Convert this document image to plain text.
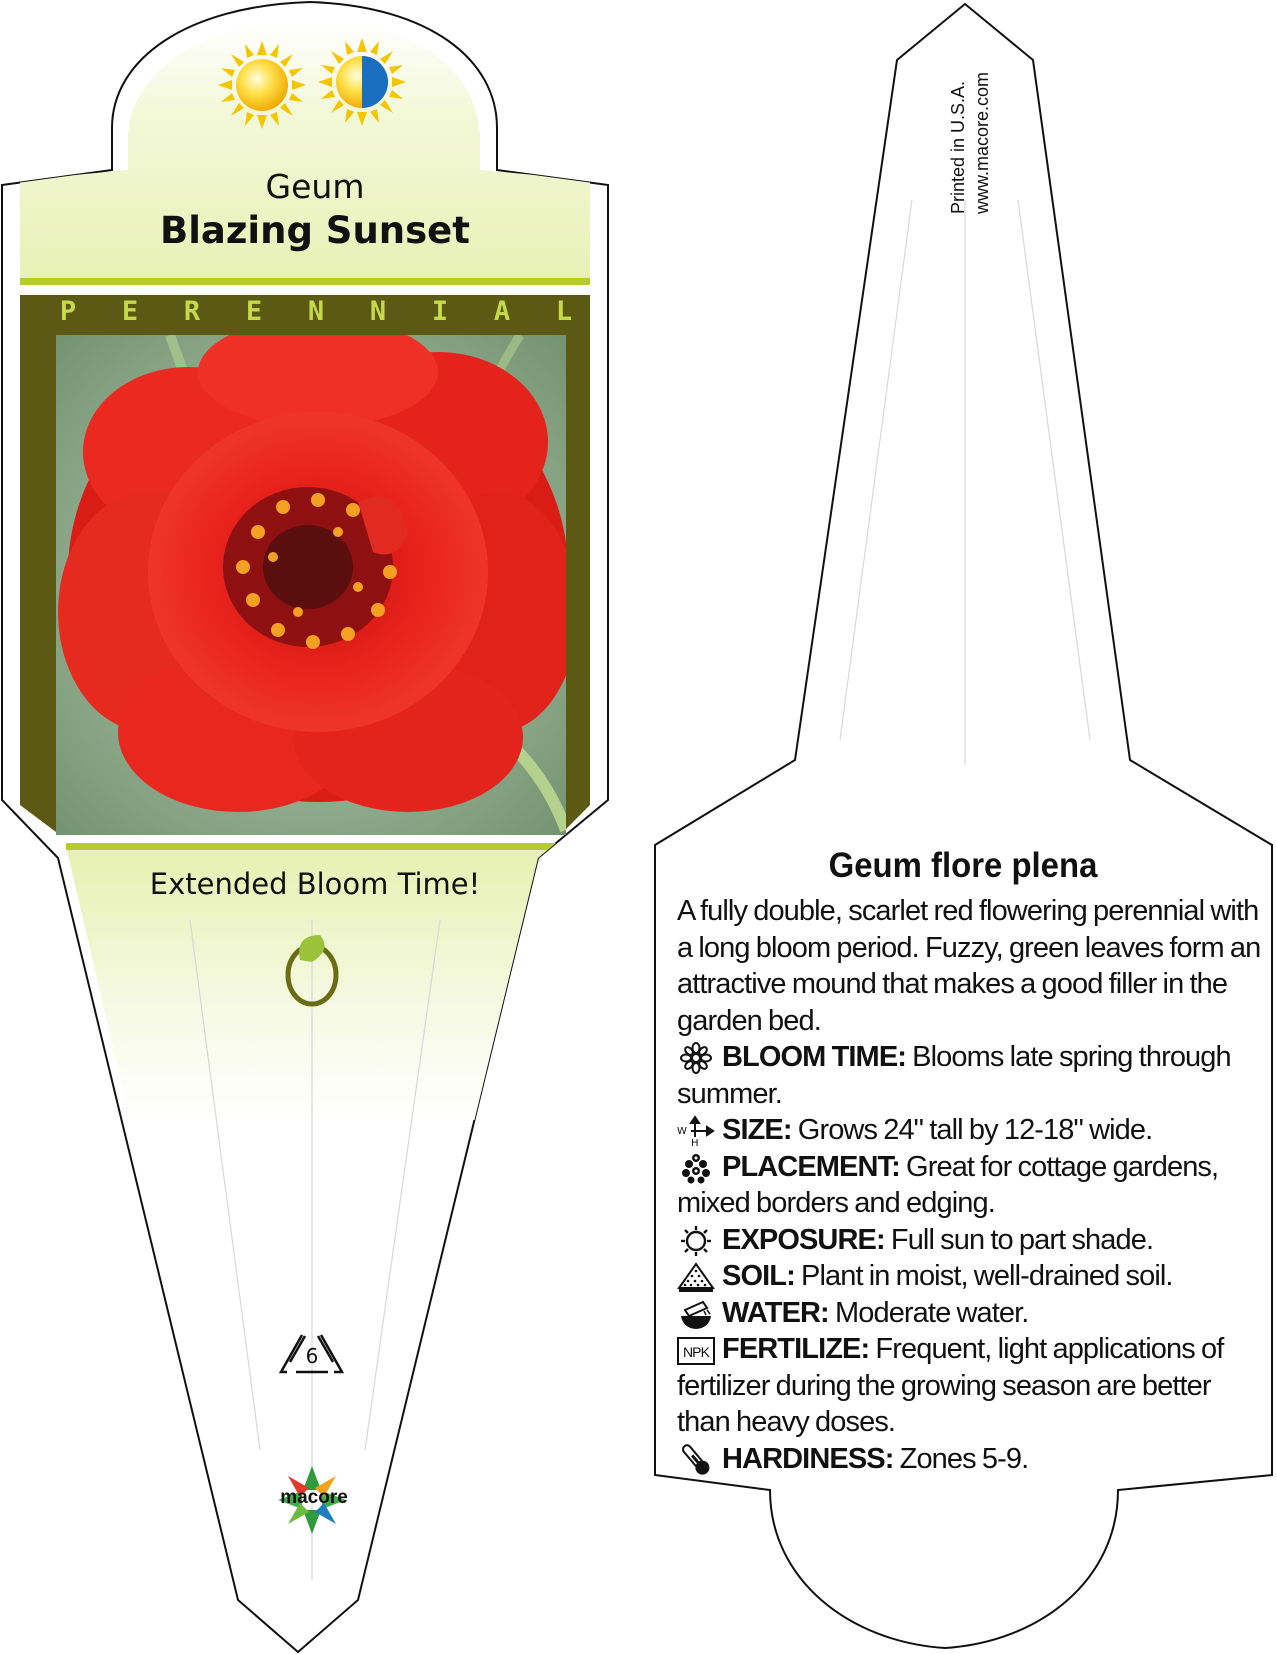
Geum
Blazing Sunset
P E R E N N I A L
Extended Bloom Time!
6
macore
Printed in U.S.A. www.macore.com
Geum flore plena

A fully double, scarlet red flowering perennial with a long bloom period. Fuzzy, green leaves form an attractive mound that makes a good filler in the garden bed.

BLOOM TIME: Blooms late spring through summer.

W
H SIZE: Grows 24" tall by 12-18" wide.

PLACEMENT: Great for cottage gardens, mixed borders and edging.

EXPOSURE: Full sun to part shade.

SOIL: Plant in moist, well-drained soil.

WATER: Moderate water.

NPK FERTILIZE: Frequent, light applications of fertilizer during the growing season are better than heavy doses.

HARDINESS: Zones 5-9.
